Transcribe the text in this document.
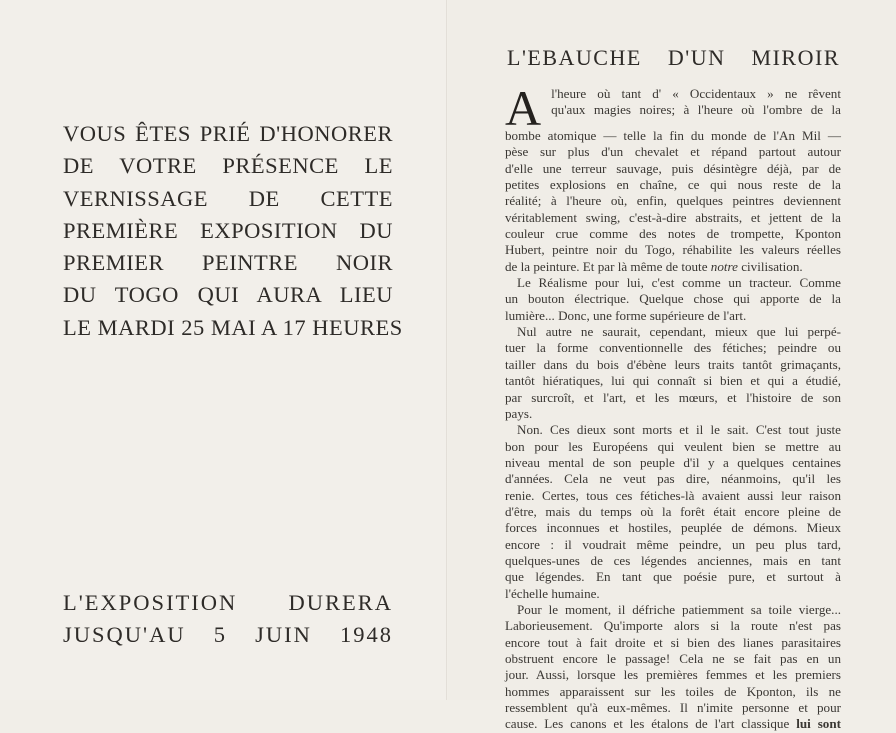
VOUS ÊTES PRIÉ D'HONORER
DE VOTRE PRÉSENCE LE
VERNISSAGE DE CETTE
PREMIÈRE EXPOSITION DU
PREMIER PEINTRE NOIR
DU TOGO QUI AURA LIEU
LE MARDI 25 MAI A 17 HEURES
L'EXPOSITION DURERA
JUSQU'AU 5 JUIN 1948
L'EBAUCHE D'UN MIROIR

A l'heure où tant d' « Occidentaux » ne rêvent
qu'aux magies noires; à l'heure où l'ombre de la
bombe atomique — telle la fin du monde de l'An Mil —
pèse sur plus d'un chevalet et répand partout autour
d'elle une terreur sauvage, puis désintègre déjà, par de
petites explosions en chaîne, ce qui nous reste de la
réalité; à l'heure où, enfin, quelques peintres deviennent
véritablement swing, c'est-à-dire abstraits, et jettent de la
couleur crue comme des notes de trompette, Kponton
Hubert, peintre noir du Togo, réhabilite les valeurs réelles
de la peinture. Et par là même de toute notre civilisation.

Le Réalisme pour lui, c'est comme un tracteur. Comme
un bouton électrique. Quelque chose qui apporte de la
lumière... Donc, une forme supérieure de l'art.

Nul autre ne saurait, cependant, mieux que lui perpé-
tuer la forme conventionnelle des fétiches; peindre ou
tailler dans du bois d'ébène leurs traits tantôt grimaçants,
tantôt hiératiques, lui qui connaît si bien et qui a étudié,
par surcroît, et l'art, et les mœurs, et l'histoire de son
pays.

Non. Ces dieux sont morts et il le sait. C'est tout juste
bon pour les Européens qui veulent bien se mettre au
niveau mental de son peuple d'il y a quelques centaines
d'années. Cela ne veut pas dire, néanmoins, qu'il les
renie. Certes, tous ces fétiches-là avaient aussi leur raison
d'être, mais du temps où la forêt était encore pleine de
forces inconnues et hostiles, peuplée de démons. Mieux
encore : il voudrait même peindre, un peu plus tard,
quelques-unes de ces légendes anciennes, mais en tant
que légendes. En tant que poésie pure, et surtout à
l'échelle humaine.

Pour le moment, il défriche patiemment sa toile vierge...
Laborieusement. Qu'importe alors si la route n'est pas
encore tout à fait droite et si bien des lianes parasitaires
obstruent encore le passage! Cela ne se fait pas en un
jour. Aussi, lorsque les premières femmes et les premiers
hommes apparaissent sur les toiles de Kponton, ils ne
ressemblent qu'à eux-mêmes. Il n'imite personne et pour
cause. Les canons et les étalons de l'art classique lui sont
